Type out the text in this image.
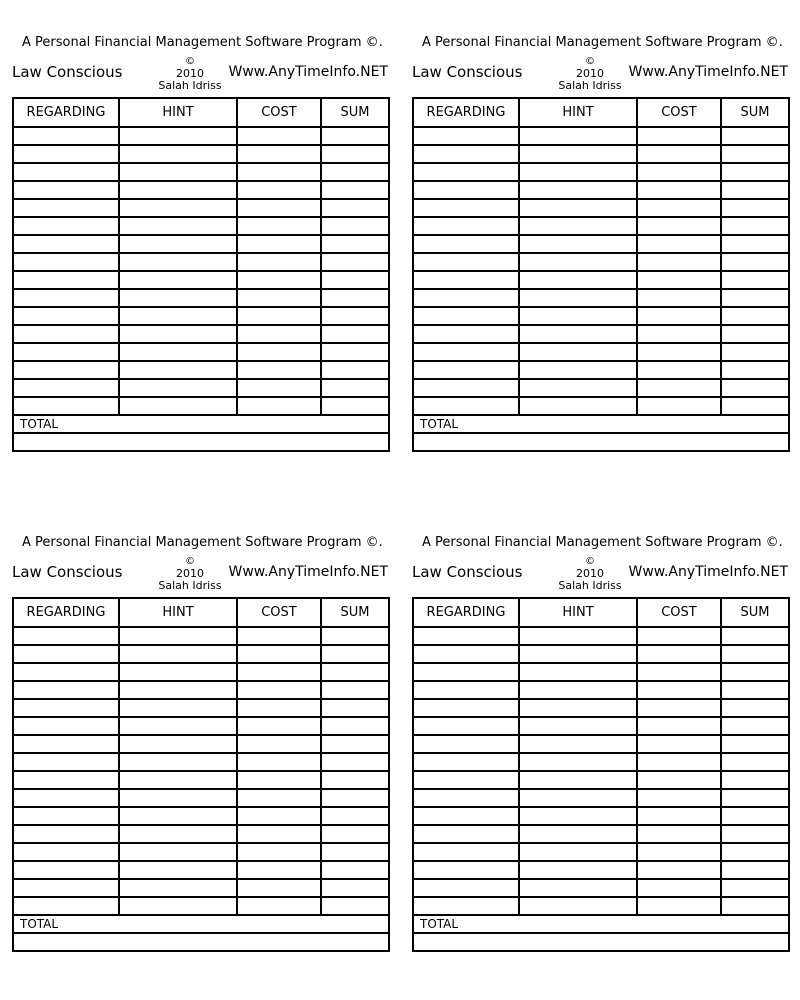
A Personal Financial Management Software Program ©.
Law Conscious
©
2010
Salah Idriss
Www.AnyTimeInfo.NET
REGARDING	HINT	COST	SUM

TOTAL			

A Personal Financial Management Software Program ©.
Law Conscious
©
2010
Salah Idriss
Www.AnyTimeInfo.NET
REGARDING	HINT	COST	SUM

TOTAL			

A Personal Financial Management Software Program ©.
Law Conscious
©
2010
Salah Idriss
Www.AnyTimeInfo.NET
REGARDING	HINT	COST	SUM

TOTAL			

A Personal Financial Management Software Program ©.
Law Conscious
©
2010
Salah Idriss
Www.AnyTimeInfo.NET
REGARDING	HINT	COST	SUM

TOTAL			
